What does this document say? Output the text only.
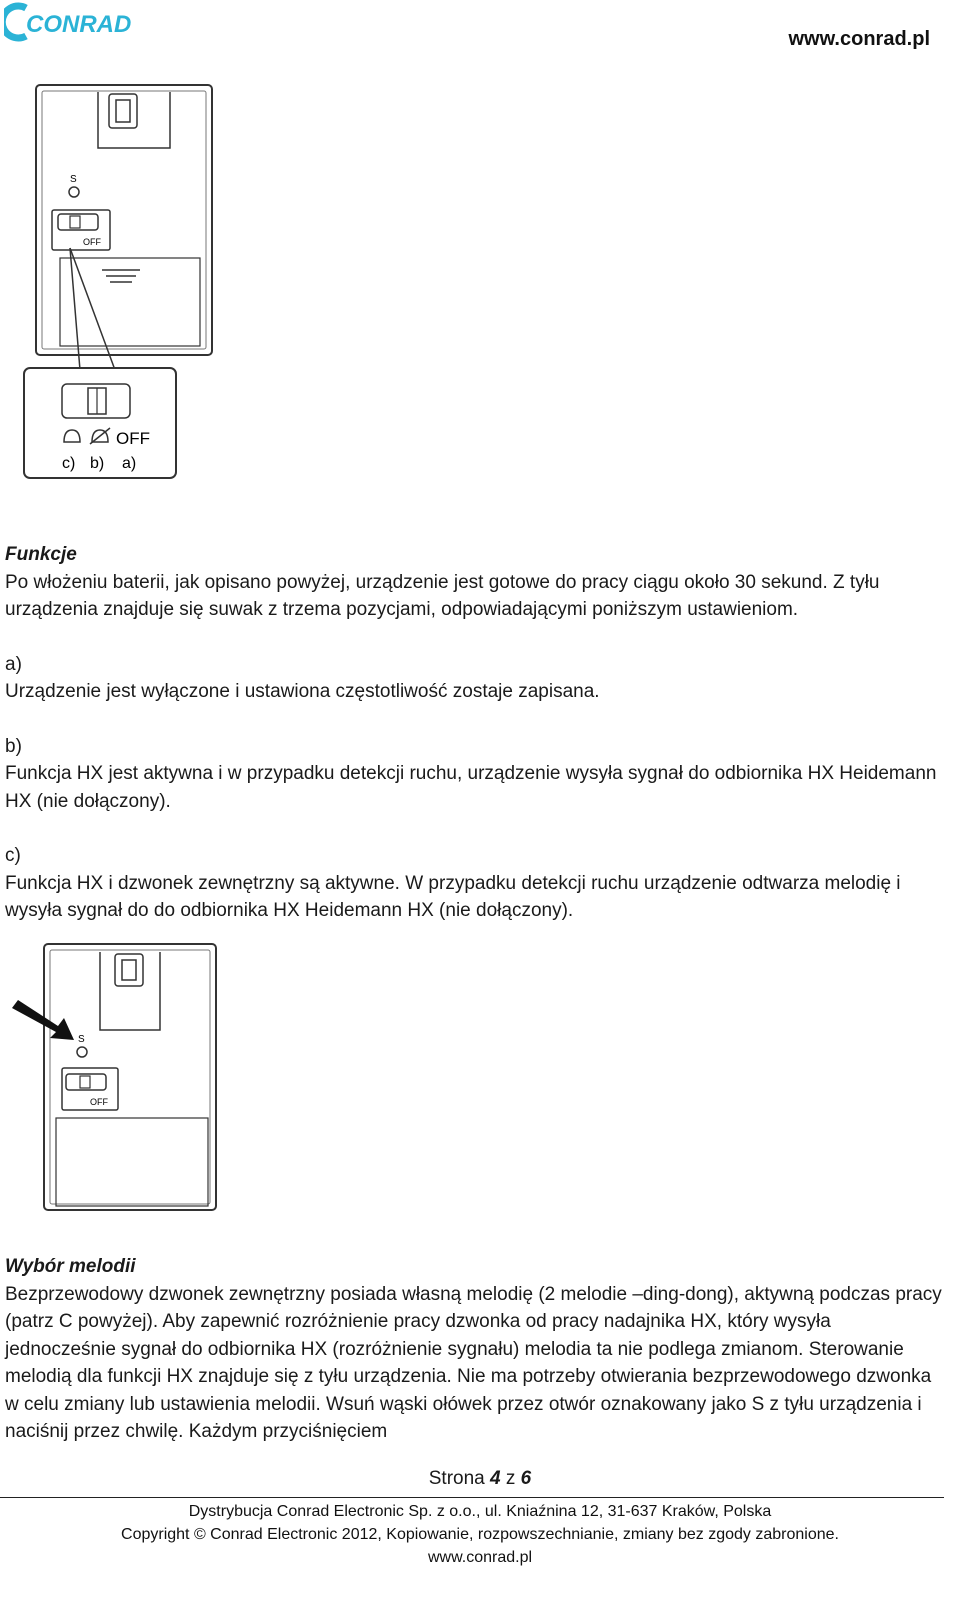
CONRAD
www.conrad.pl
S
OFF
OFF
c) b) a)

Funkcje

Po włożeniu baterii, jak opisano powyżej, urządzenie jest gotowe do pracy ciągu około 30 sekund. Z tyłu urządzenia znajduje się suwak z trzema pozycjami, odpowiadającymi poniższym ustawieniom.

a)

Urządzenie jest wyłączone i ustawiona częstotliwość zostaje zapisana.

b)

Funkcja HX jest aktywna i w przypadku detekcji ruchu, urządzenie wysyła sygnał do odbiornika HX Heidemann HX (nie dołączony).

c)

Funkcja HX i dzwonek zewnętrzny są aktywne. W przypadku detekcji ruchu urządzenie odtwarza melodię i wysyła sygnał do do odbiornika HX Heidemann HX (nie dołączony).

S
OFF

Wybór melodii

Bezprzewodowy dzwonek zewnętrzny posiada własną melodię (2 melodie –ding-dong), aktywną podczas pracy (patrz C powyżej). Aby zapewnić rozróżnienie pracy dzwonka od pracy nadajnika HX, który wysyła jednocześnie sygnał do odbiornika HX (rozróżnienie sygnału) melodia ta nie podlega zmianom. Sterowanie melodią dla funkcji HX znajduje się z tyłu urządzenia. Nie ma potrzeby otwierania bezprzewodowego dzwonka w celu zmiany lub ustawienia melodii. Wsuń wąski ołówek przez otwór oznakowany jako S z tyłu urządzenia i naciśnij przez chwilę. Każdym przyciśnięciem

Strona 4 z 6
Dystrybucja Conrad Electronic Sp. z o.o., ul. Kniaźnina 12, 31-637 Kraków, Polska
Copyright © Conrad Electronic 2012, Kopiowanie, rozpowszechnianie, zmiany bez zgody zabronione.
www.conrad.pl
